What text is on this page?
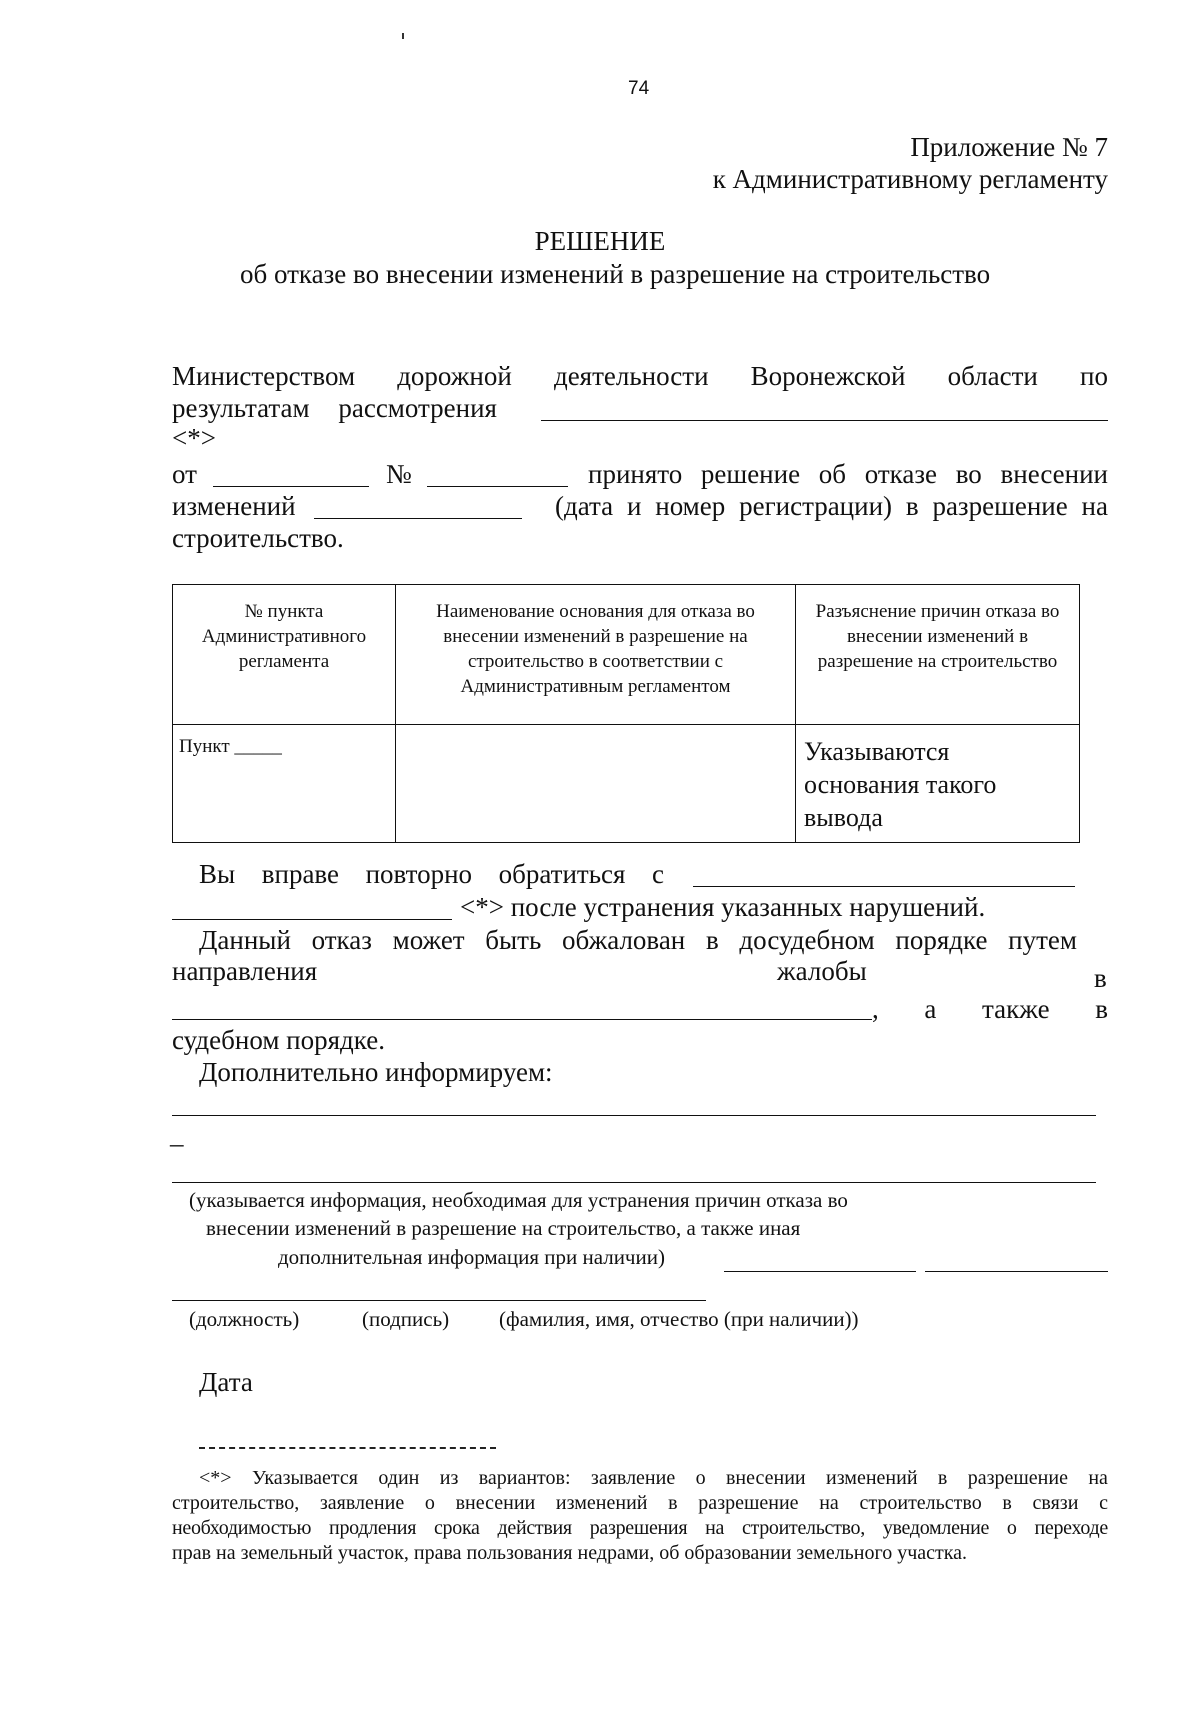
74
Приложение № 7
к Административному регламенту
РЕШЕНИЕ
об отказе во внесении изменений в разрешение на строительство
Министерством дорожной деятельности Воронежской области по
результатам рассмотрения
<*>
от	№	принято решение об отказе во внесении
изменений	(дата и номер регистрации) в разрешение на
строительство.
№ пункта Административного регламента	Наименование основания для отказа во внесении изменений в разрешение на строительство в соответствии с Административным регламентом	Разъяснение причин отказа во внесении изменений в разрешение на строительство

Пункт _____		Указываются основания такого вывода
Вы вправе повторно обратиться с
<*> после устранения указанных нарушений.
Данный отказ может быть обжалован в досудебном порядке путем
направления	жалобы	в
, а также в
судебном порядке.
Дополнительно информируем:
_
(указывается информация, необходимая для устранения причин отказа во
внесении изменений в разрешение на строительство, а также иная
дополнительная информация при наличии)
(должность)	(подпись) (фамилия, имя, отчество (при наличии))
Дата
<*> Указывается один из вариантов: заявление о внесении изменений в разрешение на
строительство, заявление о внесении изменений в разрешение на строительство в связи с
необходимостью продления срока действия разрешения на строительство, уведомление о переходе
прав на земельный участок, права пользования недрами, об образовании земельного участка.
